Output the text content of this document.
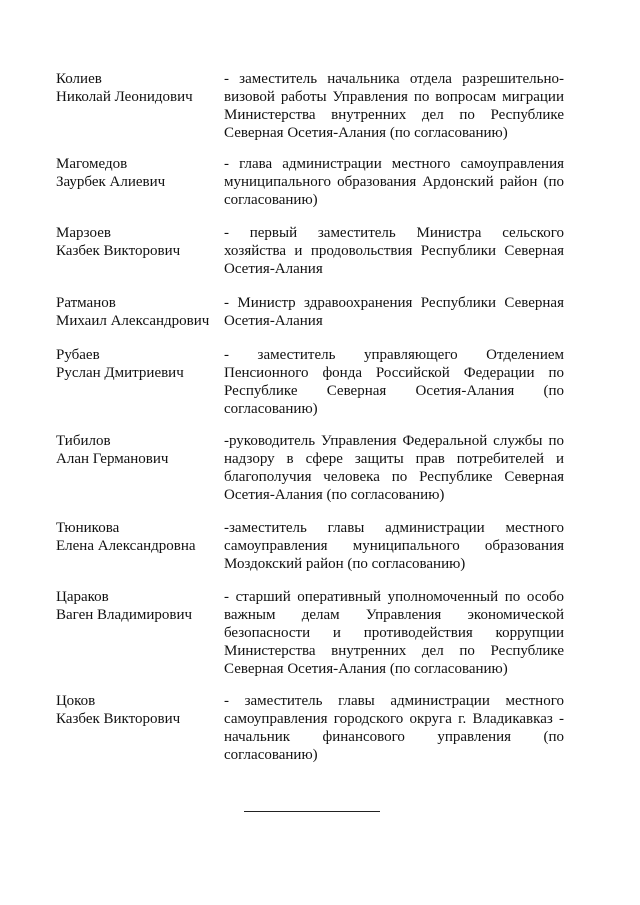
Колиев
Николай Леонидович
- заместитель начальника отдела разрешительно-
визовой работы Управления по вопросам миграции
Министерства внутренних дел по Республике
Северная Осетия-Алания (по согласованию)
Магомедов
Заурбек Алиевич
- глава администрации местного самоуправления
муниципального образования Ардонский район (по
согласованию)
Марзоев
Казбек Викторович
- первый заместитель Министра сельского
хозяйства и продовольствия Республики Северная
Осетия-Алания
Ратманов
Михаил Александрович
- Министр здравоохранения Республики Северная
Осетия-Алания
Рубаев
Руслан Дмитриевич
- заместитель управляющего Отделением
Пенсионного фонда Российской Федерации по
Республике Северная Осетия-Алания (по
согласованию)
Тибилов
Алан Германович
-руководитель Управления Федеральной службы по
надзору в сфере защиты прав потребителей и
благополучия человека по Республике Северная
Осетия-Алания (по согласованию)
Тюникова
Елена Александровна
-заместитель главы администрации местного
самоуправления муниципального образования
Моздокский район (по согласованию)
Цараков
Ваген Владимирович
- старший оперативный уполномоченный по особо
важным делам Управления экономической
безопасности и противодействия коррупции
Министерства внутренних дел по Республике
Северная Осетия-Алания (по согласованию)
Цоков
Казбек Викторович
- заместитель главы администрации местного
самоуправления городского округа г. Владикавказ -
начальник финансового управления (по
согласованию)
